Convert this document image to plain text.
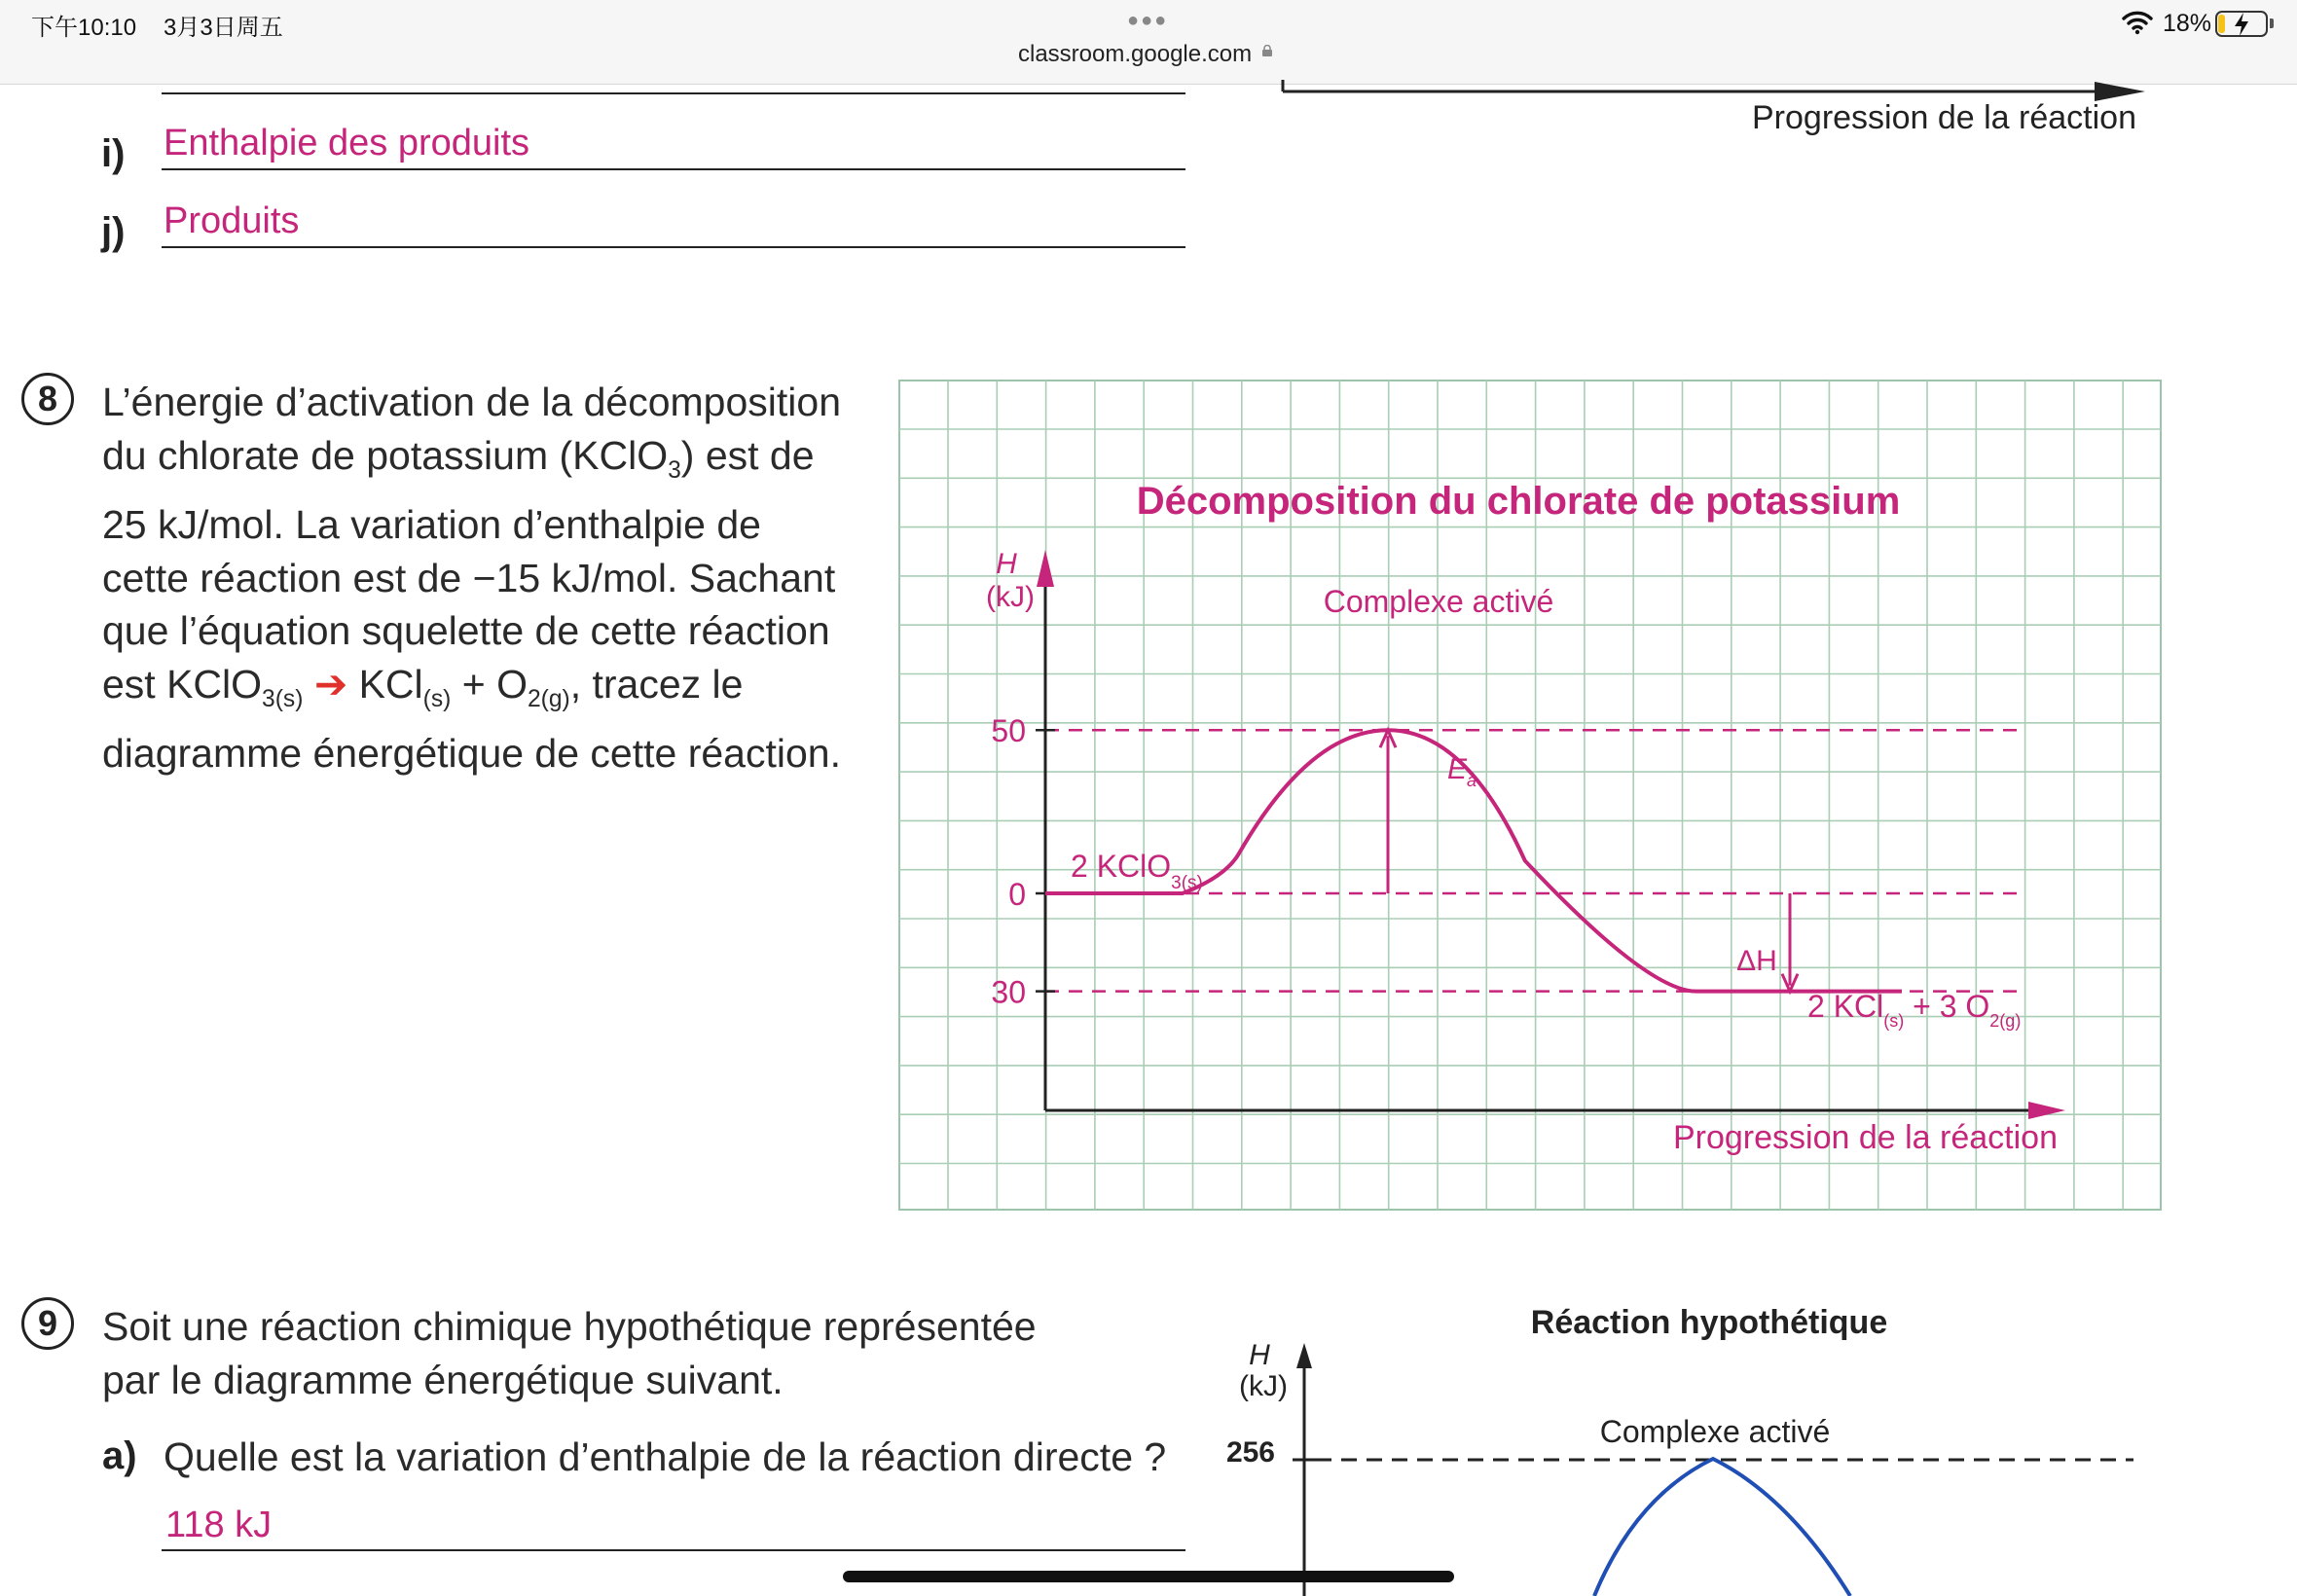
下午10:10 3月3日周五	●●●
classroom.google.com
18%
Progression de la réaction
i) Enthalpie des produits
j) Produits
8	L’énergie d’activation de la décomposition
du chlorate de potassium (KClO$_3$) est de
25 kJ/mol. La variation d’enthalpie de
cette réaction est de −15 kJ/mol. Sachant
que l’équation squelette de cette réaction
est KClO$_{3(s)}$ ➔ $KCl_{(s)} + O_{2(g)}$, tracez le
diagramme énergétique de cette réaction.
Décomposition du chlorate de potassium
H
(kJ)
50
0
30
Complexe activé
$E_a$
2 KClO$_{3(s)}$
ΔH
2 KCl$_{(s)}$ + 3 $O_{2(g)}$
Progression de la réaction
9	Soit une réaction chimique hypothétique représentée
par le diagramme énergétique suivant.
a) Quelle est la variation d’enthalpie de la réaction directe ?
118 kJ
Réaction hypothétique
H
(kJ)
256
Complexe activé
